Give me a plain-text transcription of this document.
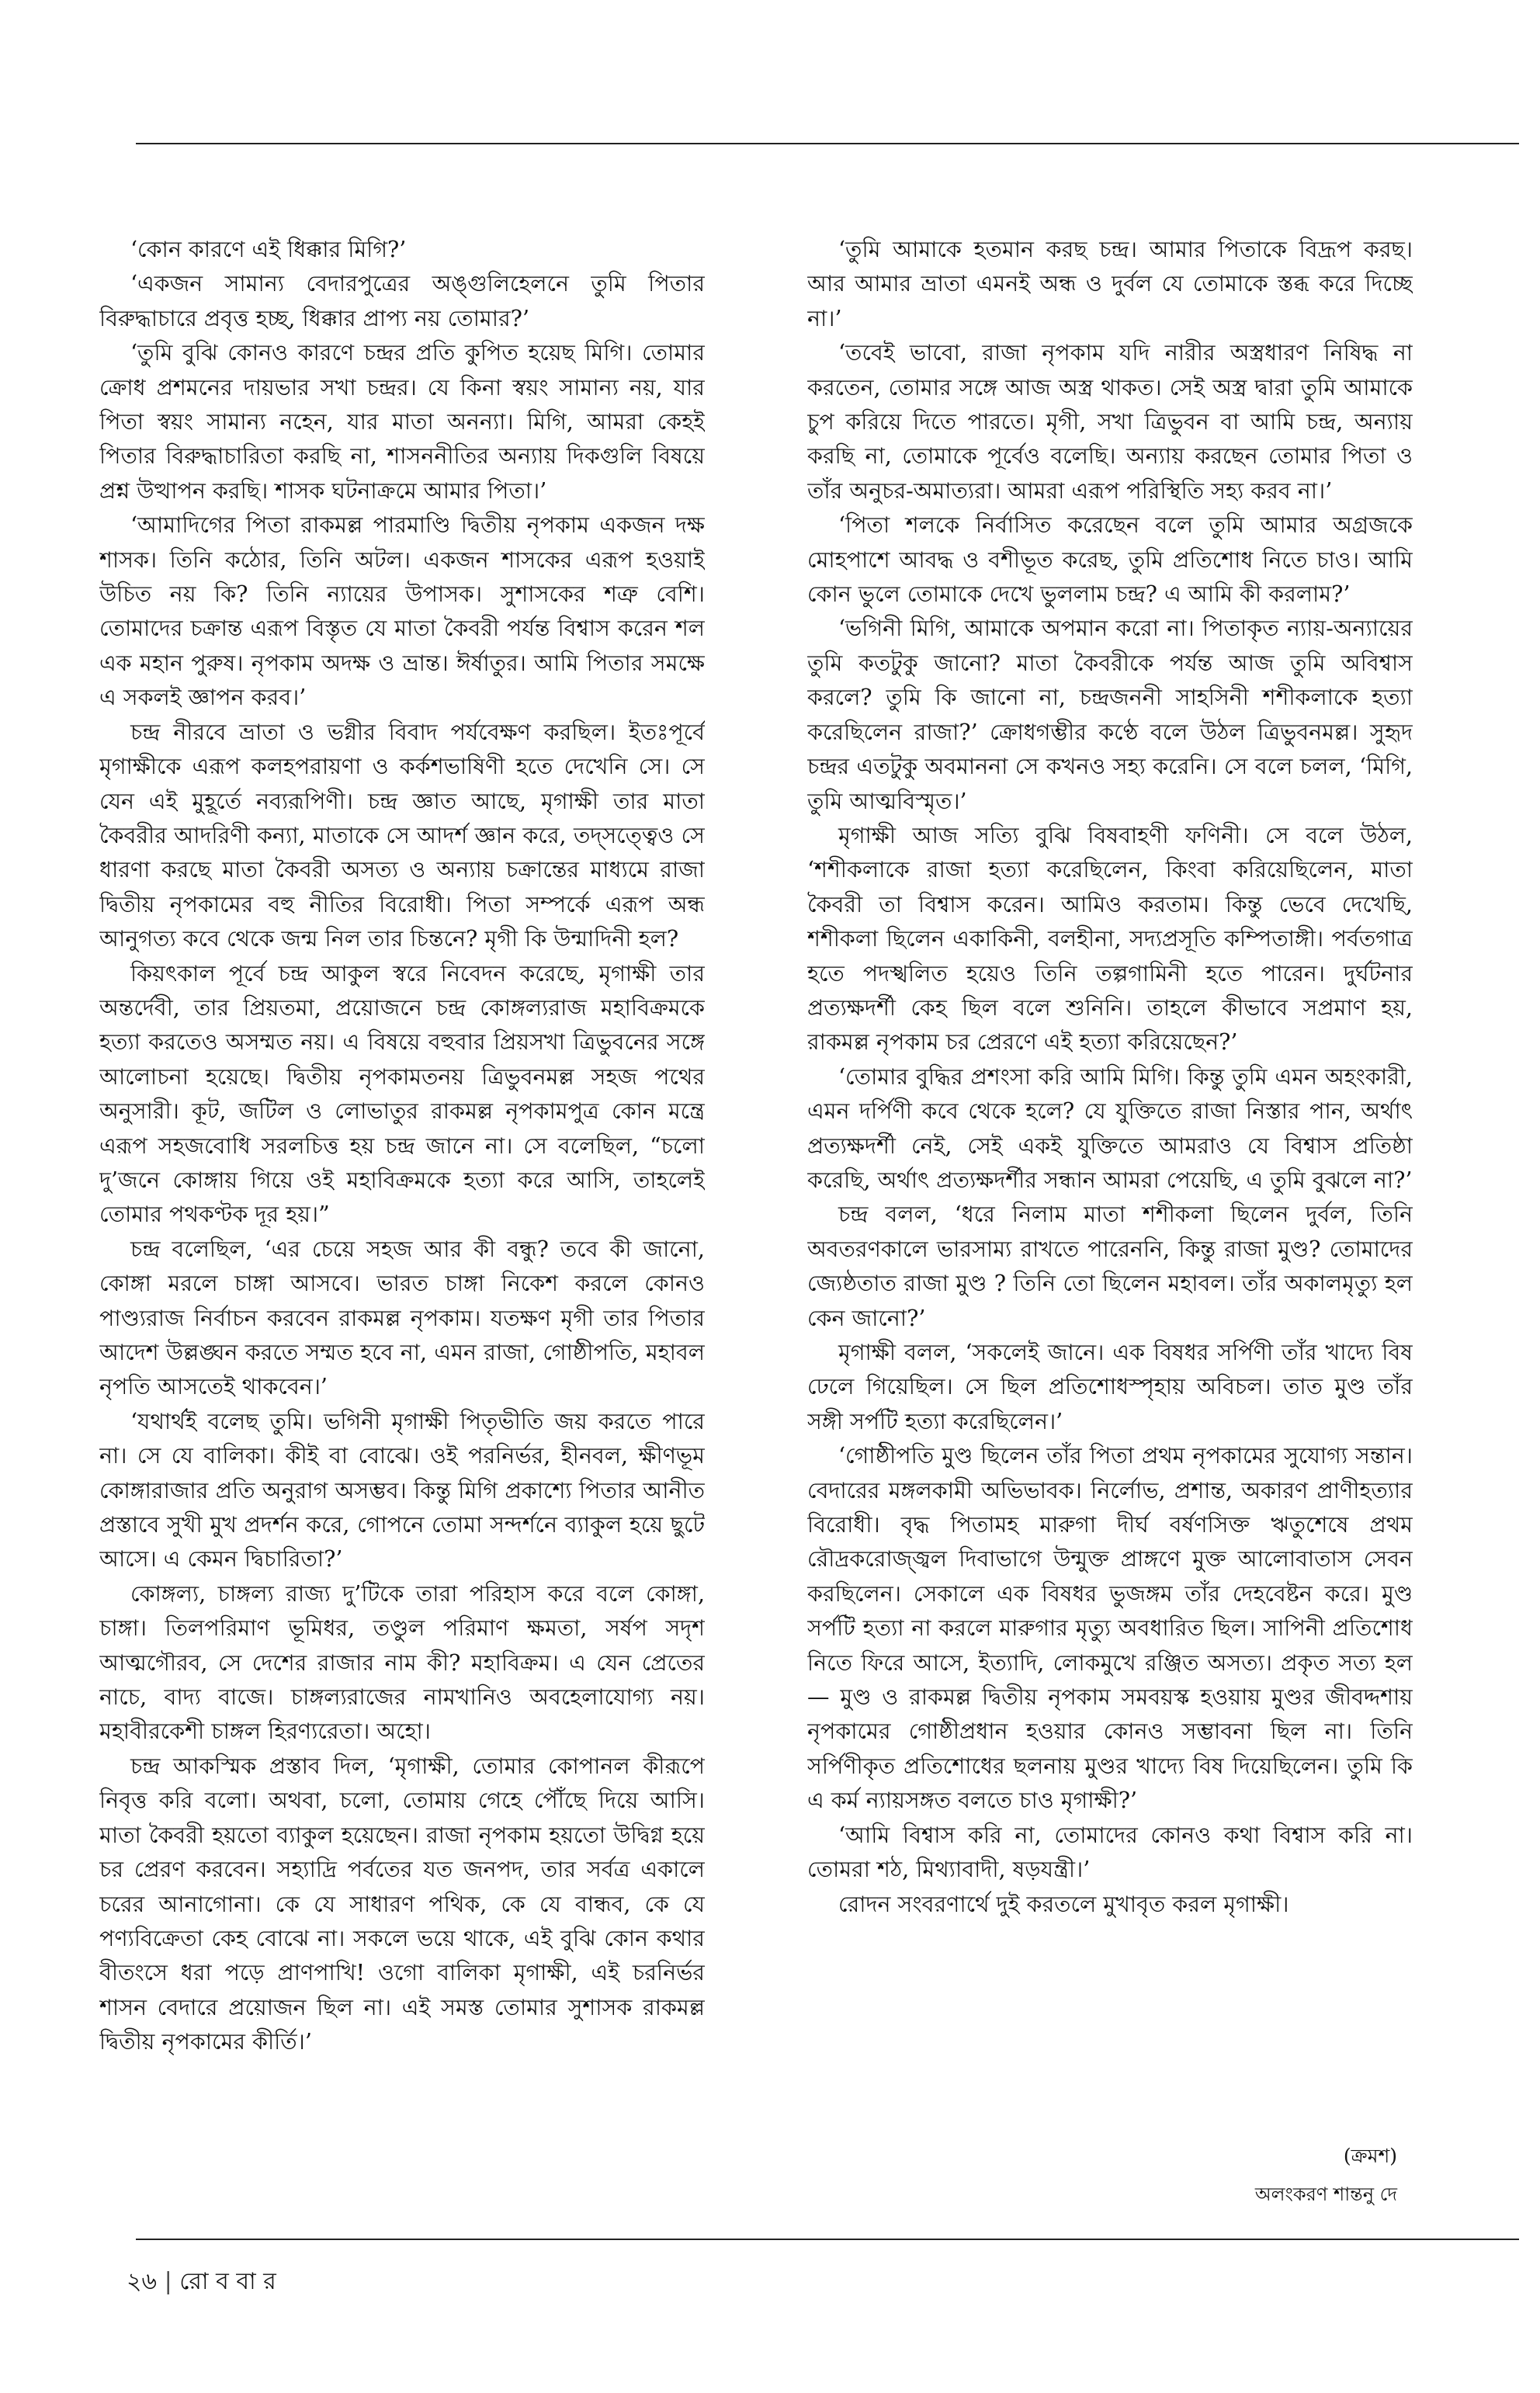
‘কোন কারণে এই ধিক্কার মিগি?’

‘একজন সামান্য বেদারপুত্রের অঙ্গুলিহেলনে তুমি পিতার বিরুদ্ধাচারে প্রবৃত্ত হচ্ছ, ধিক্কার প্রাপ্য নয় তোমার?’

‘তুমি বুঝি কোনও কারণে চন্দ্রর প্রতি কুপিত হয়েছ মিগি। তোমার ক্রোধ প্রশমনের দায়ভার সখা চন্দ্রর। যে কিনা স্বয়ং সামান্য নয়, যার পিতা স্বয়ং সামান্য নহেন, যার মাতা অনন্যা। মিগি, আমরা কেহই পিতার বিরুদ্ধাচারিতা করছি না, শাসননীতির অন্যায় দিকগুলি বিষয়ে প্রশ্ন উত্থাপন করছি। শাসক ঘটনাক্রমে আমার পিতা।’

‘আমাদিগের পিতা রাকমল্ল পারমাণ্ডি দ্বিতীয় নৃপকাম একজন দক্ষ শাসক। তিনি কঠোর, তিনি অটল। একজন শাসকের এরূপ হওয়াই উচিত নয় কি? তিনি ন্যায়ের উপাসক। সুশাসকের শত্রু বেশি। তোমাদের চক্রান্ত এরূপ বিস্তৃত যে মাতা কৈবরী পর্যন্ত বিশ্বাস করেন শল এক মহান পুরুষ। নৃপকাম অদক্ষ ও ভ্রান্ত। ঈর্ষাতুর। আমি পিতার সমক্ষে এ সকলই জ্ঞাপন করব।’

চন্দ্র নীরবে ভ্রাতা ও ভগ্নীর বিবাদ পর্যবেক্ষণ করছিল। ইতঃপূর্বে মৃগাক্ষীকে এরূপ কলহপরায়ণা ও কর্কশভাষিণী হতে দেখেনি সে। সে যেন এই মুহূর্তে নব্যরূপিণী। চন্দ্র জ্ঞাত আছে, মৃগাক্ষী তার মাতা কৈবরীর আদরিণী কন্যা, মাতাকে সে আদর্শ জ্ঞান করে, তদ্‌সত্ত্বেও সে ধারণা করছে মাতা কৈবরী অসত্য ও অন্যায় চক্রান্তের মাধ্যমে রাজা দ্বিতীয় নৃপকামের বহু নীতির বিরোধী। পিতা সম্পর্কে এরূপ অন্ধ আনুগত্য কবে থেকে জন্ম নিল তার চিন্তনে? মৃগী কি উন্মাদিনী হল?

কিয়ৎকাল পূর্বে চন্দ্র আকুল স্বরে নিবেদন করেছে, মৃগাক্ষী তার অন্তর্দেবী, তার প্রিয়তমা, প্রয়োজনে চন্দ্র কোঙ্গল্যরাজ মহাবিক্রমকে হত্যা করতেও অসম্মত নয়। এ বিষয়ে বহুবার প্রিয়সখা ত্রিভুবনের সঙ্গে আলোচনা হয়েছে। দ্বিতীয় নৃপকামতনয় ত্রিভুবনমল্ল সহজ পথের অনুসারী। কূট, জটিল ও লোভাতুর রাকমল্ল নৃপকামপুত্র কোন মন্ত্রে এরূপ সহজবোধি সরলচিত্ত হয় চন্দ্র জানে না। সে বলেছিল, “চলো দু’জনে কোঙ্গায় গিয়ে ওই মহাবিক্রমকে হত্যা করে আসি, তাহলেই তোমার পথকণ্টক দূর হয়।”

চন্দ্র বলেছিল, ‘এর চেয়ে সহজ আর কী বন্ধু? তবে কী জানো, কোঙ্গা মরলে চাঙ্গা আসবে। ভারত চাঙ্গা নিকেশ করলে কোনও পাণ্ড্যরাজ নির্বাচন করবেন রাকমল্ল নৃপকাম। যতক্ষণ মৃগী তার পিতার আদেশ উল্লঙ্ঘন করতে সম্মত হবে না, এমন রাজা, গোষ্ঠীপতি, মহাবল নৃপতি আসতেই থাকবেন।’

‘যথার্থই বলেছ তুমি। ভগিনী মৃগাক্ষী পিতৃভীতি জয় করতে পারে না। সে যে বালিকা। কীই বা বোঝে। ওই পরনির্ভর, হীনবল, ক্ষীণভূম কোঙ্গারাজার প্রতি অনুরাগ অসম্ভব। কিন্তু মিগি প্রকাশ্যে পিতার আনীত প্রস্তাবে সুখী মুখ প্রদর্শন করে, গোপনে তোমা সন্দর্শনে ব্যাকুল হয়ে ছুটে আসে। এ কেমন দ্বিচারিতা?’

কোঙ্গল্য, চাঙ্গল্য রাজ্য দু’টিকে তারা পরিহাস করে বলে কোঙ্গা, চাঙ্গা। তিলপরিমাণ ভূমিধর, তণ্ডুল পরিমাণ ক্ষমতা, সর্ষপ সদৃশ আত্মগৌরব, সে দেশের রাজার নাম কী? মহাবিক্রম। এ যেন প্রেতের নাচে, বাদ্য বাজে। চাঙ্গল্যরাজের নামখানিও অবহেলাযোগ্য নয়। মহাবীরকেশী চাঙ্গল হিরণ্যরেতা। অহো।

চন্দ্র আকস্মিক প্রস্তাব দিল, ‘মৃগাক্ষী, তোমার কোপানল কীরূপে নিবৃত্ত করি বলো। অথবা, চলো, তোমায় গেহে পৌঁছে দিয়ে আসি। মাতা কৈবরী হয়তো ব্যাকুল হয়েছেন। রাজা নৃপকাম হয়তো উদ্বিগ্ন হয়ে চর প্রেরণ করবেন। সহ্যাদ্রি পর্বতের যত জনপদ, তার সর্বত্র একালে চরের আনাগোনা। কে যে সাধারণ পথিক, কে যে বান্ধব, কে যে পণ্যবিক্রেতা কেহ বোঝে না। সকলে ভয়ে থাকে, এই বুঝি কোন কথার বীতংসে ধরা পড়ে প্রাণপাখি! ওগো বালিকা মৃগাক্ষী, এই চরনির্ভর শাসন বেদারে প্রয়োজন ছিল না। এই সমস্ত তোমার সুশাসক রাকমল্ল দ্বিতীয় নৃপকামের কীর্তি।’

‘তুমি আমাকে হতমান করছ চন্দ্র। আমার পিতাকে বিদ্রূপ করছ। আর আমার ভ্রাতা এমনই অন্ধ ও দুর্বল যে তোমাকে স্তব্ধ করে দিচ্ছে না।’

‘তবেই ভাবো, রাজা নৃপকাম যদি নারীর অস্ত্রধারণ নিষিদ্ধ না করতেন, তোমার সঙ্গে আজ অস্ত্র থাকত। সেই অস্ত্র দ্বারা তুমি আমাকে চুপ করিয়ে দিতে পারতে। মৃগী, সখা ত্রিভুবন বা আমি চন্দ্র, অন্যায় করছি না, তোমাকে পূর্বেও বলেছি। অন্যায় করছেন তোমার পিতা ও তাঁর অনুচর-অমাত্যরা। আমরা এরূপ পরিস্থিতি সহ্য করব না।’

‘পিতা শলকে নির্বাসিত করেছেন বলে তুমি আমার অগ্রজকে মোহপাশে আবদ্ধ ও বশীভূত করেছ, তুমি প্রতিশোধ নিতে চাও। আমি কোন ভুলে তোমাকে দেখে ভুললাম চন্দ্র? এ আমি কী করলাম?’

‘ভগিনী মিগি, আমাকে অপমান করো না। পিতাকৃত ন্যায়-অন্যায়ের তুমি কতটুকু জানো? মাতা কৈবরীকে পর্যন্ত আজ তুমি অবিশ্বাস করলে? তুমি কি জানো না, চন্দ্রজননী সাহসিনী শশীকলাকে হত্যা করেছিলেন রাজা?’ ক্রোধগম্ভীর কণ্ঠে বলে উঠল ত্রিভুবনমল্ল। সুহৃদ চন্দ্রর এতটুকু অবমাননা সে কখনও সহ্য করেনি। সে বলে চলল, ‘মিগি, তুমি আত্মবিস্মৃত।’

মৃগাক্ষী আজ সত্যি বুঝি বিষবাহণী ফণিনী। সে বলে উঠল, ‘শশীকলাকে রাজা হত্যা করেছিলেন, কিংবা করিয়েছিলেন, মাতা কৈবরী তা বিশ্বাস করেন। আমিও করতাম। কিন্তু ভেবে দেখেছি, শশীকলা ছিলেন একাকিনী, বলহীনা, সদ্যপ্রসূতি কম্পিতাঙ্গী। পর্বতগাত্র হতে পদস্খলিত হয়েও তিনি তল্পগামিনী হতে পারেন। দুর্ঘটনার প্রত্যক্ষদর্শী কেহ ছিল বলে শুনিনি। তাহলে কীভাবে সপ্রমাণ হয়, রাকমল্ল নৃপকাম চর প্রেরণে এই হত্যা করিয়েছেন?’

‘তোমার বুদ্ধির প্রশংসা করি আমি মিগি। কিন্তু তুমি এমন অহংকারী, এমন দর্পিণী কবে থেকে হলে? যে যুক্তিতে রাজা নিস্তার পান, অর্থাৎ প্রত্যক্ষদর্শী নেই, সেই একই যুক্তিতে আমরাও যে বিশ্বাস প্রতিষ্ঠা করেছি, অর্থাৎ প্রত্যক্ষদর্শীর সন্ধান আমরা পেয়েছি, এ তুমি বুঝলে না?’

চন্দ্র বলল, ‘ধরে নিলাম মাতা শশীকলা ছিলেন দুর্বল, তিনি অবতরণকালে ভারসাম্য রাখতে পারেননি, কিন্তু রাজা মুণ্ড? তোমাদের জ্যেষ্ঠতাত রাজা মুণ্ড ? তিনি তো ছিলেন মহাবল। তাঁর অকালমৃত্যু হল কেন জানো?’

মৃগাক্ষী বলল, ‘সকলেই জানে। এক বিষধর সর্পিণী তাঁর খাদ্যে বিষ ঢেলে গিয়েছিল। সে ছিল প্রতিশোধস্পৃহায় অবিচল। তাত মুণ্ড তাঁর সঙ্গী সর্পটি হত্যা করেছিলেন।’

‘গোষ্ঠীপতি মুণ্ড ছিলেন তাঁর পিতা প্রথম নৃপকামের সুযোগ্য সন্তান। বেদারের মঙ্গলকামী অভিভাবক। নির্লোভ, প্রশান্ত, অকারণ প্রাণীহত্যার বিরোধী। বৃদ্ধ পিতামহ মারুগা দীর্ঘ বর্ষণসিক্ত ঋতুশেষে প্রথম রৌদ্রকরোজ্জ্বল দিবাভাগে উন্মুক্ত প্রাঙ্গণে মুক্ত আলোবাতাস সেবন করছিলেন। সেকালে এক বিষধর ভুজঙ্গম তাঁর দেহবেষ্টন করে। মুণ্ড সর্পটি হত্যা না করলে মারুগার মৃত্যু অবধারিত ছিল। সাপিনী প্রতিশোধ নিতে ফিরে আসে, ইত্যাদি, লোকমুখে রঞ্জিত অসত্য। প্রকৃত সত্য হল— মুণ্ড ও রাকমল্ল দ্বিতীয় নৃপকাম সমবয়স্ক হওয়ায় মুণ্ডর জীবদ্দশায় নৃপকামের গোষ্ঠীপ্রধান হওয়ার কোনও সম্ভাবনা ছিল না। তিনি সর্পিণীকৃত প্রতিশোধের ছলনায় মুণ্ডর খাদ্যে বিষ দিয়েছিলেন। তুমি কি এ কর্ম ন্যায়সঙ্গত বলতে চাও মৃগাক্ষী?’

‘আমি বিশ্বাস করি না, তোমাদের কোনও কথা বিশ্বাস করি না। তোমরা শঠ, মিথ্যাবাদী, ষড়যন্ত্রী।’

রোদন সংবরণার্থে দুই করতলে মুখাবৃত করল মৃগাক্ষী।

(ক্রমশ)
অলংকরণ শান্তনু দে
২৬ | রো ব বা র
